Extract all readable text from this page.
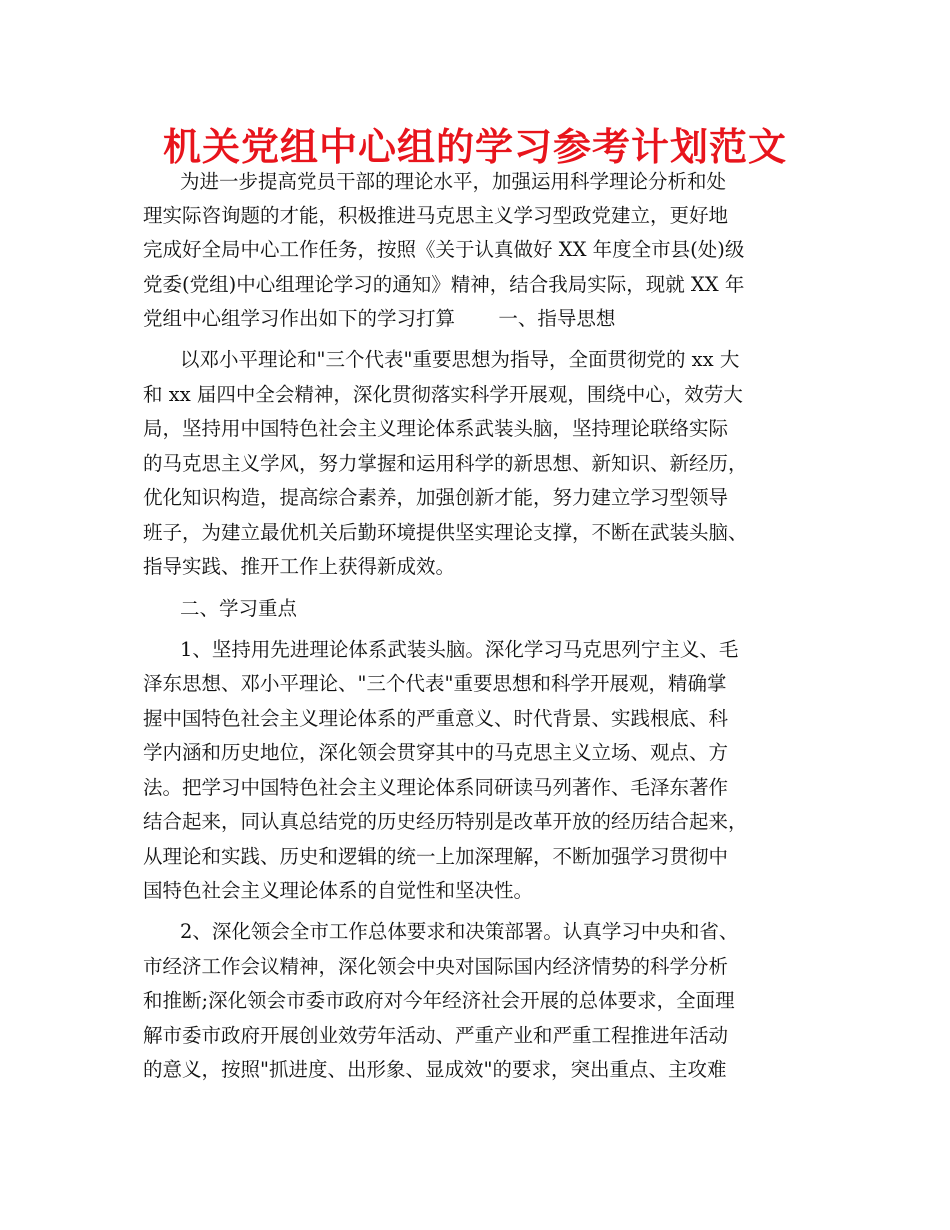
机关党组中心组的学习参考计划范文
为进一步提高党员干部的理论水平，加强运用科学理论分析和处
理实际咨询题的才能，积极推进马克思主义学习型政党建立，更好地
完成好全局中心工作任务，按照《关于认真做好 XX 年度全市县(处)级
党委(党组)中心组理论学习的通知》精神，结合我局实际，现就 XX 年
党组中心组学习作出如下的学习打算       一、指导思想
以邓小平理论和"三个代表"重要思想为指导，全面贯彻党的 xx 大
和 xx 届四中全会精神，深化贯彻落实科学开展观，围绕中心，效劳大
局，坚持用中国特色社会主义理论体系武装头脑，坚持理论联络实际
的马克思主义学风，努力掌握和运用科学的新思想、新知识、新经历，
优化知识构造，提高综合素养，加强创新才能，努力建立学习型领导
班子，为建立最优机关后勤环境提供坚实理论支撑，不断在武装头脑、
指导实践、推开工作上获得新成效。
二、学习重点
1、坚持用先进理论体系武装头脑。深化学习马克思列宁主义、毛
泽东思想、邓小平理论、"三个代表"重要思想和科学开展观，精确掌
握中国特色社会主义理论体系的严重意义、时代背景、实践根底、科
学内涵和历史地位，深化领会贯穿其中的马克思主义立场、观点、方
法。把学习中国特色社会主义理论体系同研读马列著作、毛泽东著作
结合起来，同认真总结党的历史经历特别是改革开放的经历结合起来，
从理论和实践、历史和逻辑的统一上加深理解，不断加强学习贯彻中
国特色社会主义理论体系的自觉性和坚决性。
2、深化领会全市工作总体要求和决策部署。认真学习中央和省、
市经济工作会议精神，深化领会中央对国际国内经济情势的科学分析
和推断;深化领会市委市政府对今年经济社会开展的总体要求，全面理
解市委市政府开展创业效劳年活动、严重产业和严重工程推进年活动
的意义，按照"抓进度、出形象、显成效"的要求，突出重点、主攻难
